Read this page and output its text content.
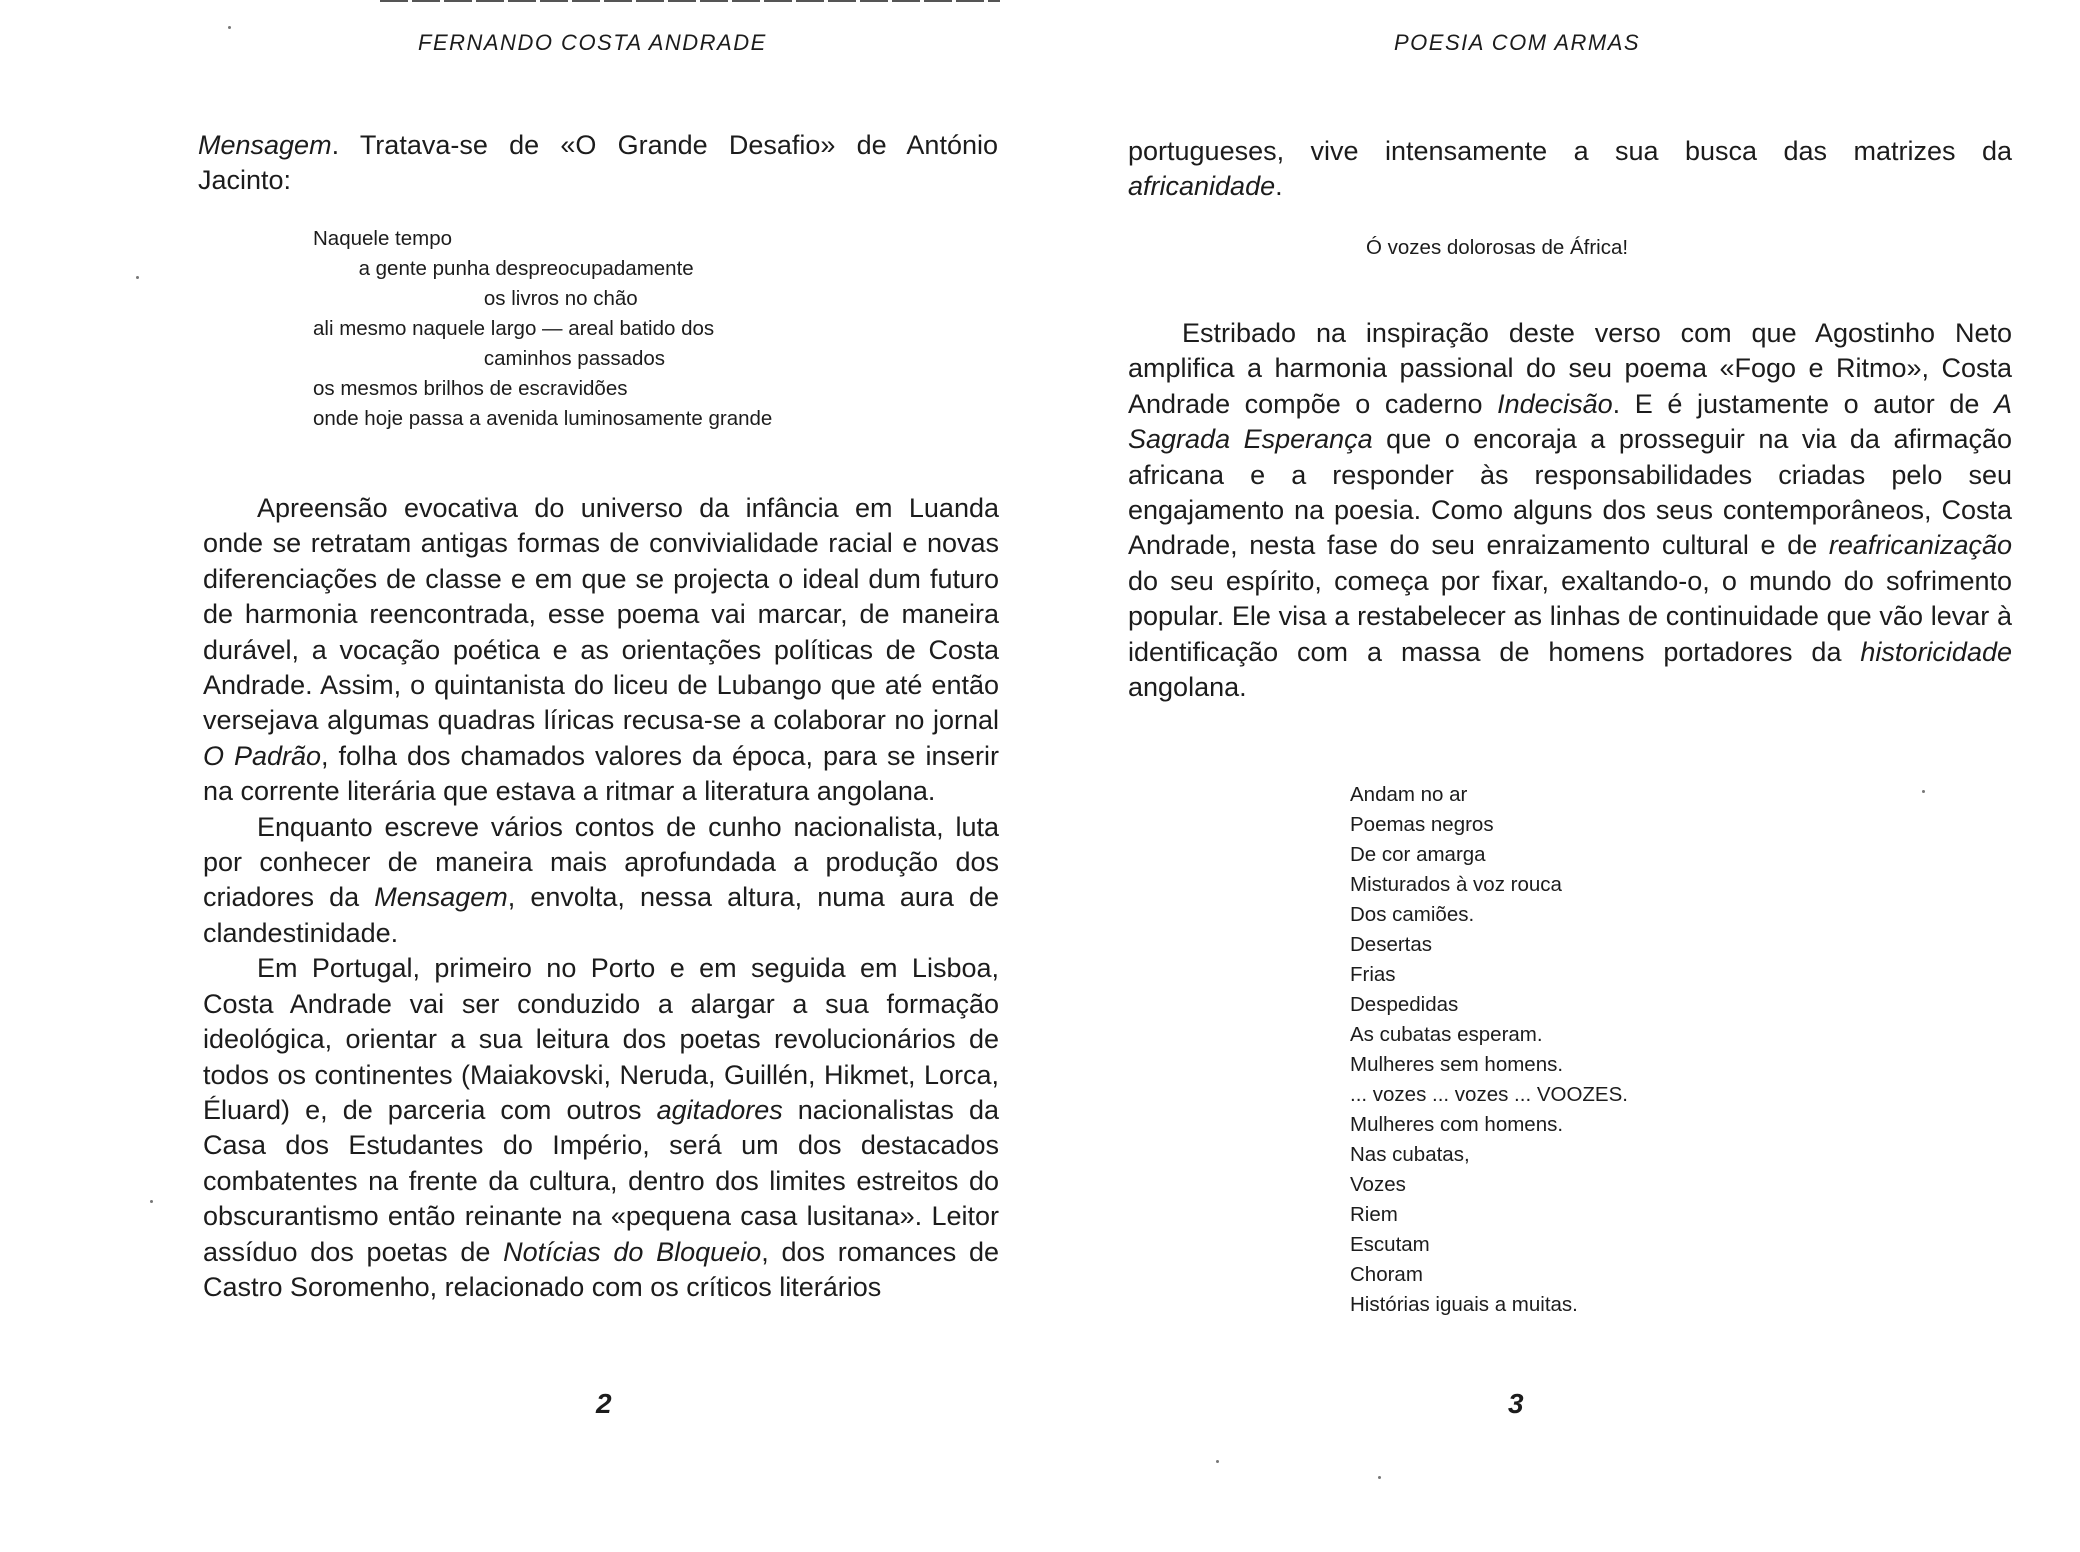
FERNANDO COSTA ANDRADE

Mensagem. Tratava-se de «O Grande Desafio» de António Jacinto:

Naquele tempo
a gente punha despreocupadamente
os livros no chão
ali mesmo naquele largo — areal batido dos
caminhos passados
os mesmos brilhos de escravidões
onde hoje passa a avenida luminosamente grande

Apreensão evocativa do universo da infância em Luanda onde se retratam antigas formas de convivialidade racial e novas diferenciações de classe e em que se projecta o ideal dum futuro de harmonia reencontrada, esse poema vai marcar, de maneira durável, a vocação poética e as orientações políticas de Costa Andrade. Assim, o quintanista do liceu de Lubango que até então versejava algumas quadras líricas recusa-se a colaborar no jornal O Padrão, folha dos chamados valores da época, para se inserir na corrente literária que estava a ritmar a literatura angolana.

Enquanto escreve vários contos de cunho nacionalista, luta por conhecer de maneira mais aprofundada a produção dos criadores da Mensagem, envolta, nessa altura, numa aura de clandestinidade.

Em Portugal, primeiro no Porto e em seguida em Lisboa, Costa Andrade vai ser conduzido a alargar a sua formação ideológica, orientar a sua leitura dos poetas revolucionários de todos os continentes (Maiakovski, Neruda, Guillén, Hikmet, Lorca, Éluard) e, de parceria com outros agitadores nacionalistas da Casa dos Estudantes do Império, será um dos destacados combatentes na frente da cultura, dentro dos limites estreitos do obscurantismo então reinante na «pequena casa lusitana». Leitor assíduo dos poetas de Notícias do Bloqueio, dos romances de Castro Soromenho, relacionado com os críticos literários

2
POESIA COM ARMAS

portugueses, vive intensamente a sua busca das matrizes da africanidade.

Ó vozes dolorosas de África!

Estribado na inspiração deste verso com que Agostinho Neto amplifica a harmonia passional do seu poema «Fogo e Ritmo», Costa Andrade compõe o caderno Indecisão. E é justamente o autor de A Sagrada Esperança que o encoraja a prosseguir na via da afirmação africana e a responder às responsabilidades criadas pelo seu engajamento na poesia. Como alguns dos seus contemporâneos, Costa Andrade, nesta fase do seu enraizamento cultural e de reafricanização do seu espírito, começa por fixar, exaltando-o, o mundo do sofrimento popular. Ele visa a restabelecer as linhas de continuidade que vão levar à identificação com a massa de homens portadores da historicidade angolana.

Andam no ar
Poemas negros
De cor amarga
Misturados à voz rouca
Dos camiões.
Desertas
Frias
Despedidas
As cubatas esperam.
Mulheres sem homens.
... vozes ... vozes ... VOOZES.
Mulheres com homens.
Nas cubatas,
Vozes
Riem
Escutam
Choram
Histórias iguais a muitas.
3
